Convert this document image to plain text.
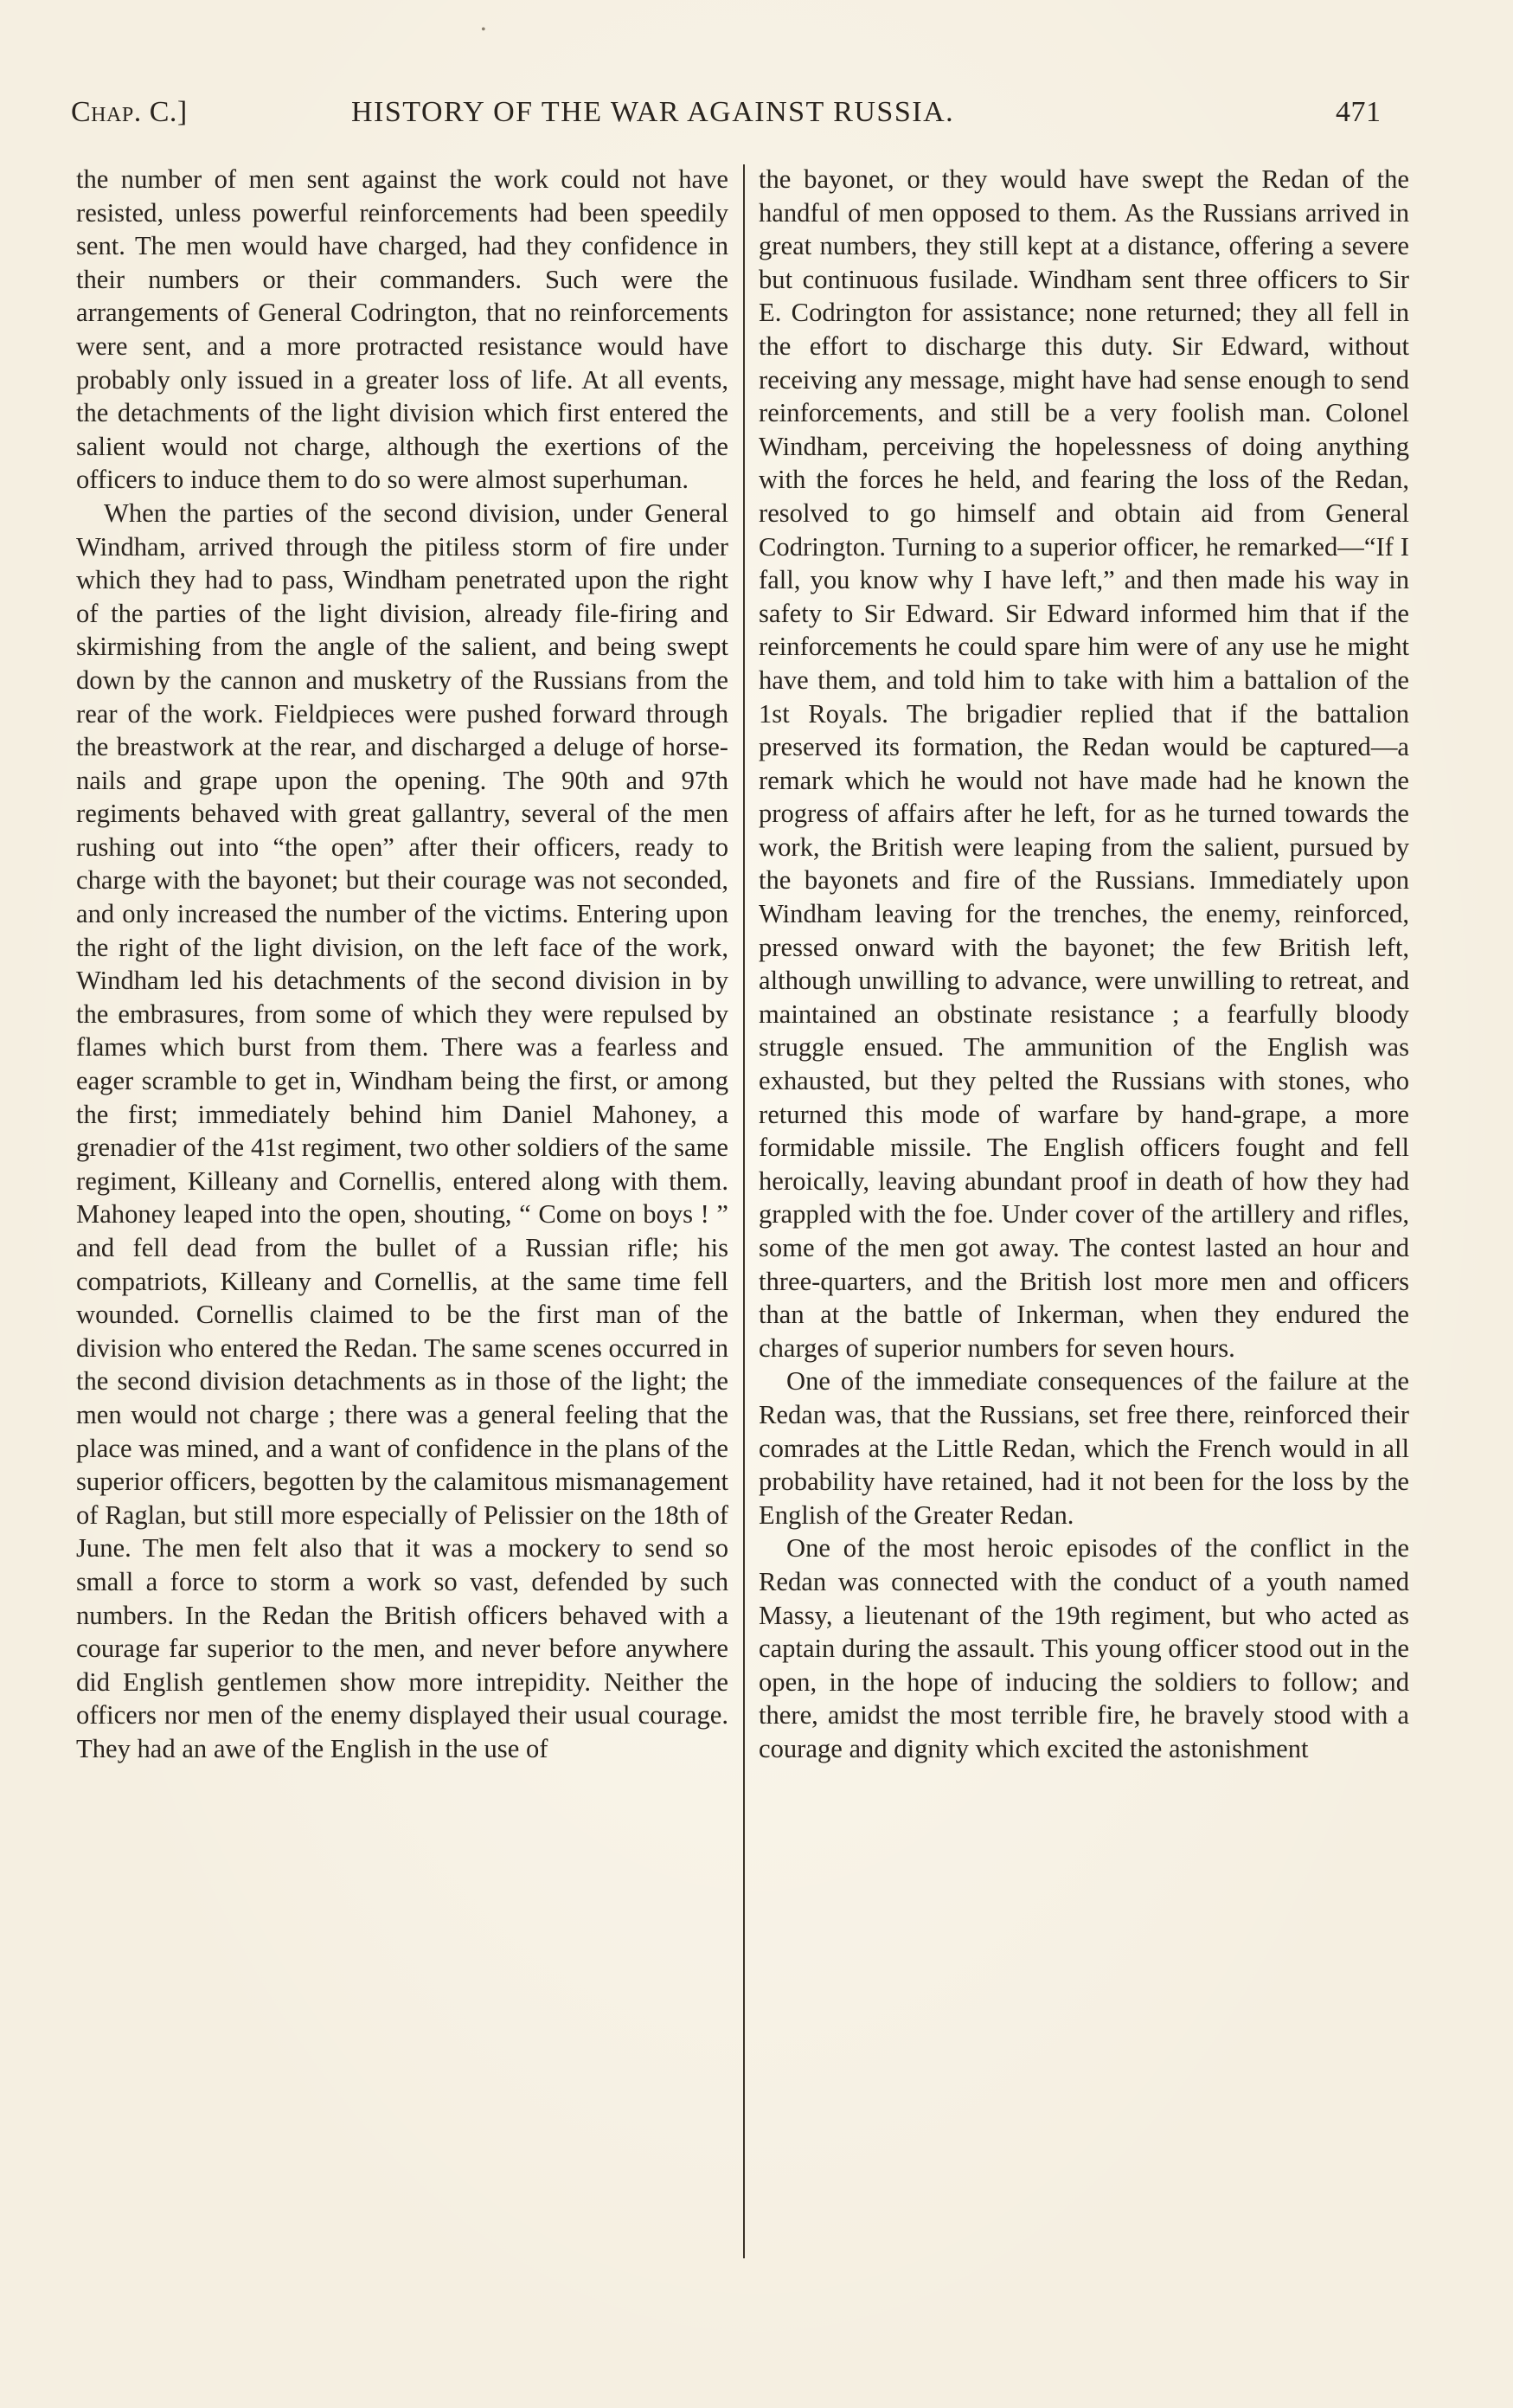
•
Chap. C.]	HISTORY OF THE WAR AGAINST RUSSIA.	471

the number of men sent against the work could not have resisted, unless powerful reinforcements had been speedily sent. The men would have charged, had they confidence in their numbers or their commanders. Such were the arrangements of General Codrington, that no reinforcements were sent, and a more protracted resistance would have probably only issued in a greater loss of life. At all events, the detachments of the light division which first entered the salient would not charge, although the exertions of the officers to induce them to do so were almost superhuman.

When the parties of the second division, under General Windham, arrived through the pitiless storm of fire under which they had to pass, Windham penetrated upon the right of the parties of the light division, already file-firing and skirmishing from the angle of the salient, and being swept down by the cannon and musketry of the Russians from the rear of the work. Fieldpieces were pushed forward through the breastwork at the rear, and discharged a deluge of horse-nails and grape upon the opening. The 90th and 97th regiments behaved with great gallantry, several of the men rushing out into “the open” after their officers, ready to charge with the bayonet; but their courage was not seconded, and only increased the number of the victims. Entering upon the right of the light division, on the left face of the work, Windham led his detachments of the second division in by the embrasures, from some of which they were repulsed by flames which burst from them. There was a fearless and eager scramble to get in, Windham being the first, or among the first; immediately behind him Daniel Mahoney, a grenadier of the 41st regiment, two other soldiers of the same regiment, Killeany and Cornellis, entered along with them. Mahoney leaped into the open, shouting, “ Come on boys ! ” and fell dead from the bullet of a Russian rifle; his compatriots, Killeany and Cornellis, at the same time fell wounded. Cornellis claimed to be the first man of the division who entered the Redan. The same scenes occurred in the second division detachments as in those of the light; the men would not charge ; there was a general feeling that the place was mined, and a want of confidence in the plans of the superior officers, begotten by the calamitous mismanagement of Raglan, but still more especially of Pelissier on the 18th of June. The men felt also that it was a mockery to send so small a force to storm a work so vast, defended by such numbers. In the Redan the British officers behaved with a courage far superior to the men, and never before anywhere did English gentlemen show more intrepidity. Neither the officers nor men of the enemy displayed their usual courage. They had an awe of the English in the use of

the bayonet, or they would have swept the Redan of the handful of men opposed to them. As the Russians arrived in great numbers, they still kept at a distance, offering a severe but continuous fusilade. Windham sent three officers to Sir E. Codrington for assistance; none returned; they all fell in the effort to discharge this duty. Sir Edward, without receiving any message, might have had sense enough to send reinforcements, and still be a very foolish man. Colonel Windham, perceiving the hopelessness of doing anything with the forces he held, and fearing the loss of the Redan, resolved to go himself and obtain aid from General Codrington. Turning to a superior officer, he remarked—“If I fall, you know why I have left,” and then made his way in safety to Sir Edward. Sir Edward informed him that if the reinforcements he could spare him were of any use he might have them, and told him to take with him a battalion of the 1st Royals. The brigadier replied that if the battalion preserved its formation, the Redan would be captured—a remark which he would not have made had he known the progress of affairs after he left, for as he turned towards the work, the British were leaping from the salient, pursued by the bayonets and fire of the Russians. Immediately upon Windham leaving for the trenches, the enemy, reinforced, pressed onward with the bayonet; the few British left, although unwilling to advance, were unwilling to retreat, and maintained an obstinate resistance ; a fearfully bloody struggle ensued. The ammunition of the English was exhausted, but they pelted the Russians with stones, who returned this mode of warfare by hand-grape, a more formidable missile. The English officers fought and fell heroically, leaving abundant proof in death of how they had grappled with the foe. Under cover of the artillery and rifles, some of the men got away. The contest lasted an hour and three-quarters, and the British lost more men and officers than at the battle of Inkerman, when they endured the charges of superior numbers for seven hours.

One of the immediate consequences of the failure at the Redan was, that the Russians, set free there, reinforced their comrades at the Little Redan, which the French would in all probability have retained, had it not been for the loss by the English of the Greater Redan.

One of the most heroic episodes of the conflict in the Redan was connected with the conduct of a youth named Massy, a lieutenant of the 19th regiment, but who acted as captain during the assault. This young officer stood out in the open, in the hope of inducing the soldiers to follow; and there, amidst the most terrible fire, he bravely stood with a courage and dignity which excited the astonishment
